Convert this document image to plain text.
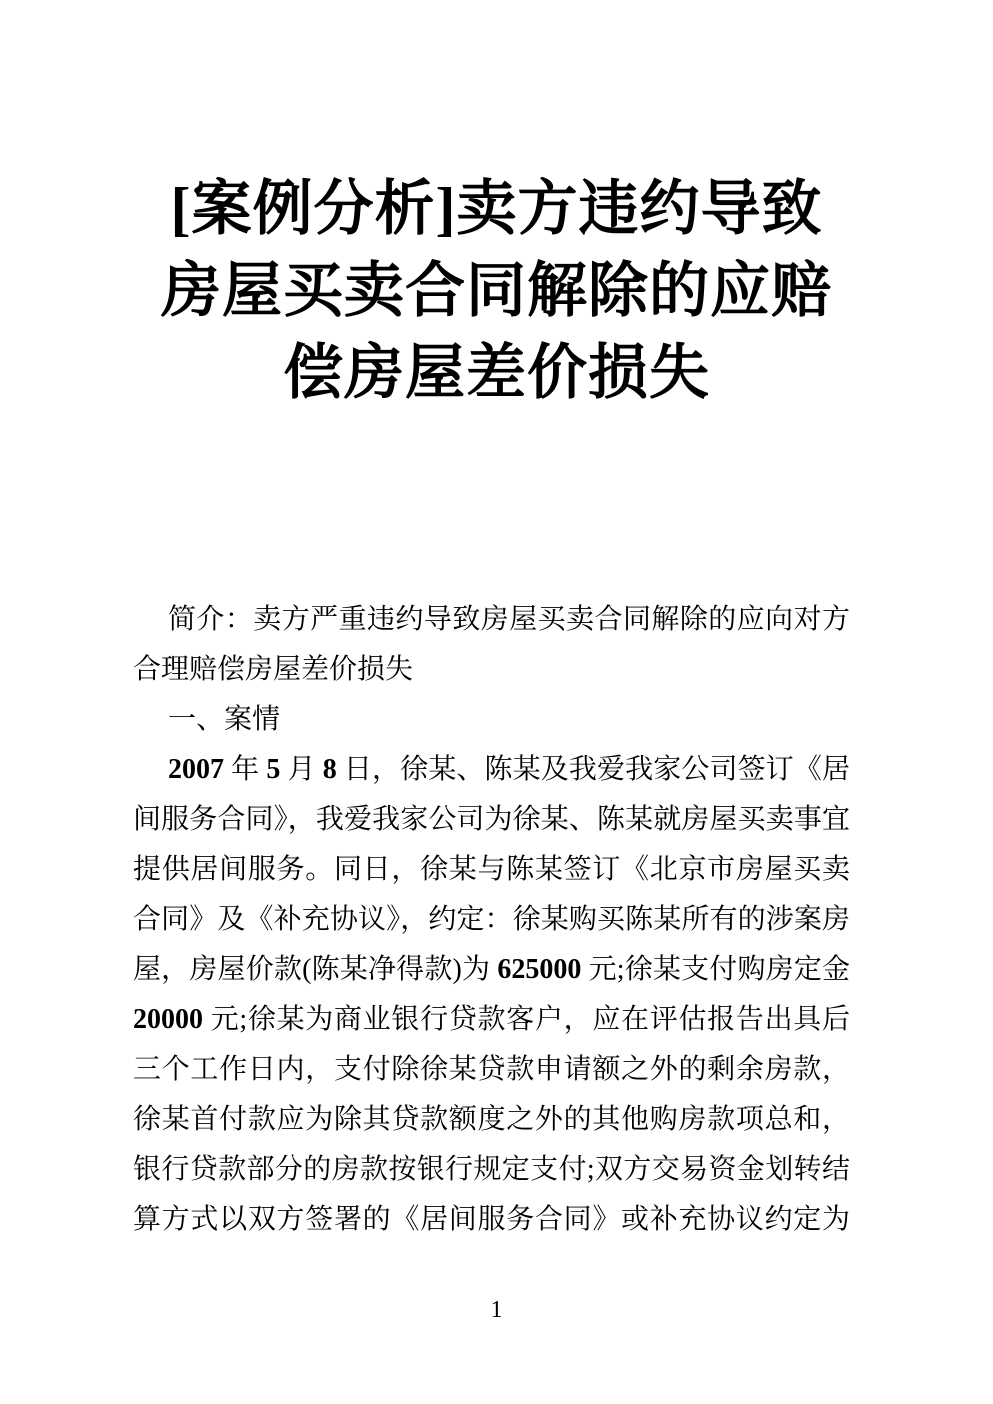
[案例分析]卖方违约导致
房屋买卖合同解除的应赔
偿房屋差价损失
简介：卖方严重违约导致房屋买卖合同解除的应向对方
合理赔偿房屋差价损失
一、案情
2007 年 5 月 8 日，徐某、陈某及我爱我家公司签订《居
间服务合同》，我爱我家公司为徐某、陈某就房屋买卖事宜
提供居间服务。同日，徐某与陈某签订《北京市房屋买卖
合同》及《补充协议》，约定：徐某购买陈某所有的涉案房
屋，房屋价款(陈某净得款)为 625000 元;徐某支付购房定金
20000 元;徐某为商业银行贷款客户，应在评估报告出具后
三个工作日内，支付除徐某贷款申请额之外的剩余房款，
徐某首付款应为除其贷款额度之外的其他购房款项总和，
银行贷款部分的房款按银行规定支付;双方交易资金划转结
算方式以双方签署的《居间服务合同》或补充协议约定为
1
